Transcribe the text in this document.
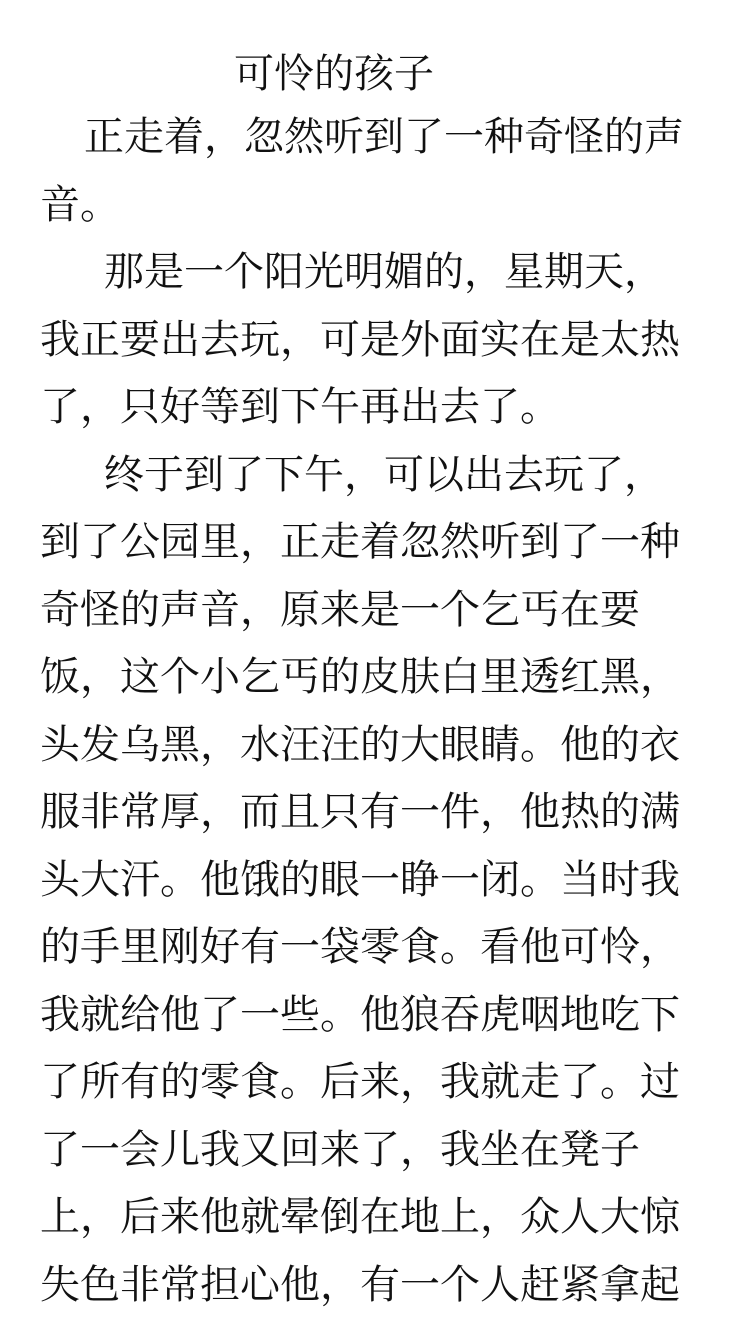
可怜的孩子
正走着，忽然听到了一种奇怪的声
音。
那是一个阳光明媚的，星期天，
我正要出去玩，可是外面实在是太热
了，只好等到下午再出去了。
终于到了下午，可以出去玩了，
到了公园里，正走着忽然听到了一种
奇怪的声音，原来是一个乞丐在要
饭，这个小乞丐的皮肤白里透红黑，
头发乌黑，水汪汪的大眼睛。他的衣
服非常厚，而且只有一件，他热的满
头大汗。他饿的眼一睁一闭。当时我
的手里刚好有一袋零食。看他可怜，
我就给他了一些。他狼吞虎咽地吃下
了所有的零食。后来，我就走了。过
了一会儿我又回来了，我坐在凳子
上，后来他就晕倒在地上，众人大惊
失色非常担心他，有一个人赶紧拿起
